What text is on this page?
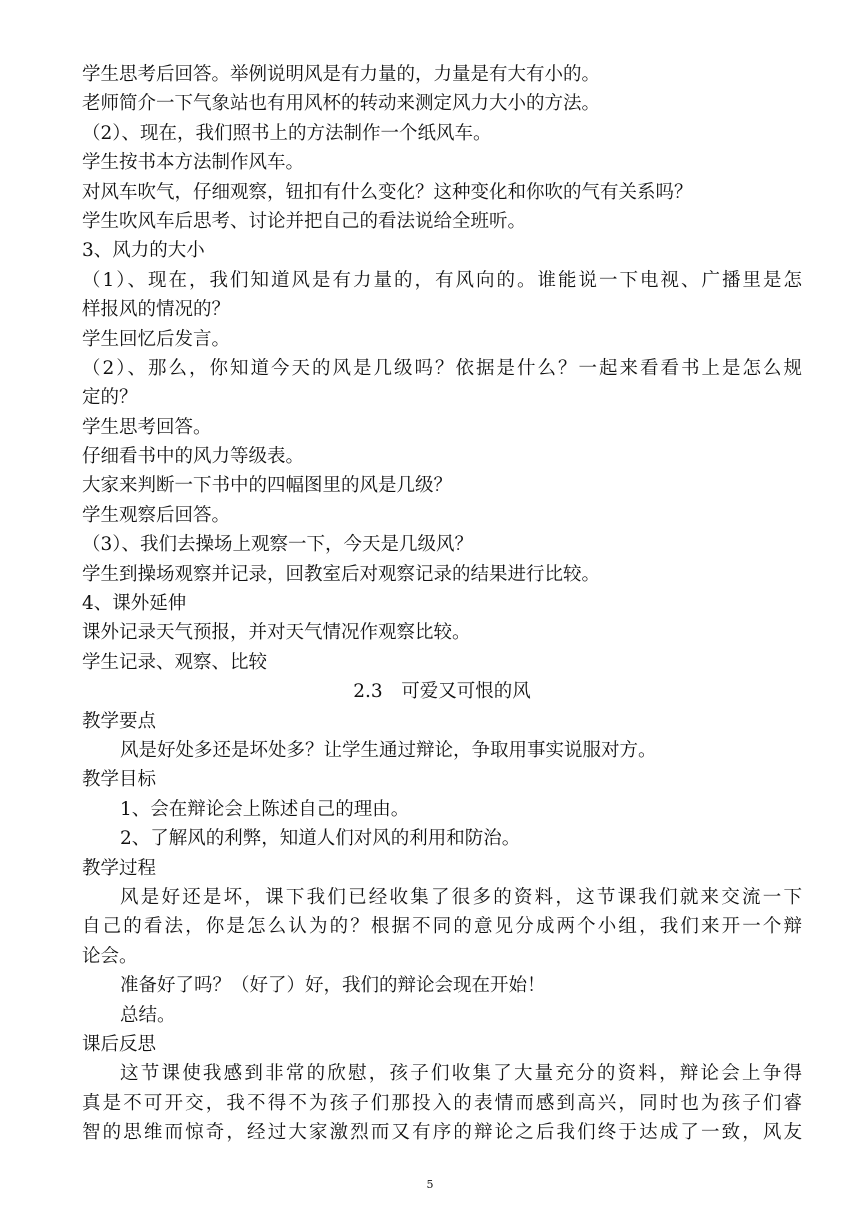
学生思考后回答。举例说明风是有力量的，力量是有大有小的。
老师简介一下气象站也有用风杯的转动来测定风力大小的方法。
（2）、现在，我们照书上的方法制作一个纸风车。
学生按书本方法制作风车。
对风车吹气，仔细观察，钮扣有什么变化？这种变化和你吹的气有关系吗？
学生吹风车后思考、讨论并把自己的看法说给全班听。
3、风力的大小
（1）、现在，我们知道风是有力量的，有风向的。谁能说一下电视、广播里是怎
样报风的情况的？
学生回忆后发言。
（2）、那么，你知道今天的风是几级吗？依据是什么？一起来看看书上是怎么规
定的？
学生思考回答。
仔细看书中的风力等级表。
大家来判断一下书中的四幅图里的风是几级？
学生观察后回答。
（3）、我们去操场上观察一下，今天是几级风？
学生到操场观察并记录，回教室后对观察记录的结果进行比较。
4、课外延伸
课外记录天气预报，并对天气情况作观察比较。
学生记录、观察、比较
2.3　可爱又可恨的风
教学要点
风是好处多还是坏处多？让学生通过辩论，争取用事实说服对方。
教学目标
1、会在辩论会上陈述自己的理由。
2、了解风的利弊，知道人们对风的利用和防治。
教学过程
风是好还是坏，课下我们已经收集了很多的资料，这节课我们就来交流一下
自己的看法，你是怎么认为的？根据不同的意见分成两个小组，我们来开一个辩
论会。
准备好了吗？（好了）好，我们的辩论会现在开始！
总结。
课后反思
这节课使我感到非常的欣慰，孩子们收集了大量充分的资料，辩论会上争得
真是不可开交，我不得不为孩子们那投入的表情而感到高兴，同时也为孩子们睿
智的思维而惊奇，经过大家激烈而又有序的辩论之后我们终于达成了一致，风友
5
